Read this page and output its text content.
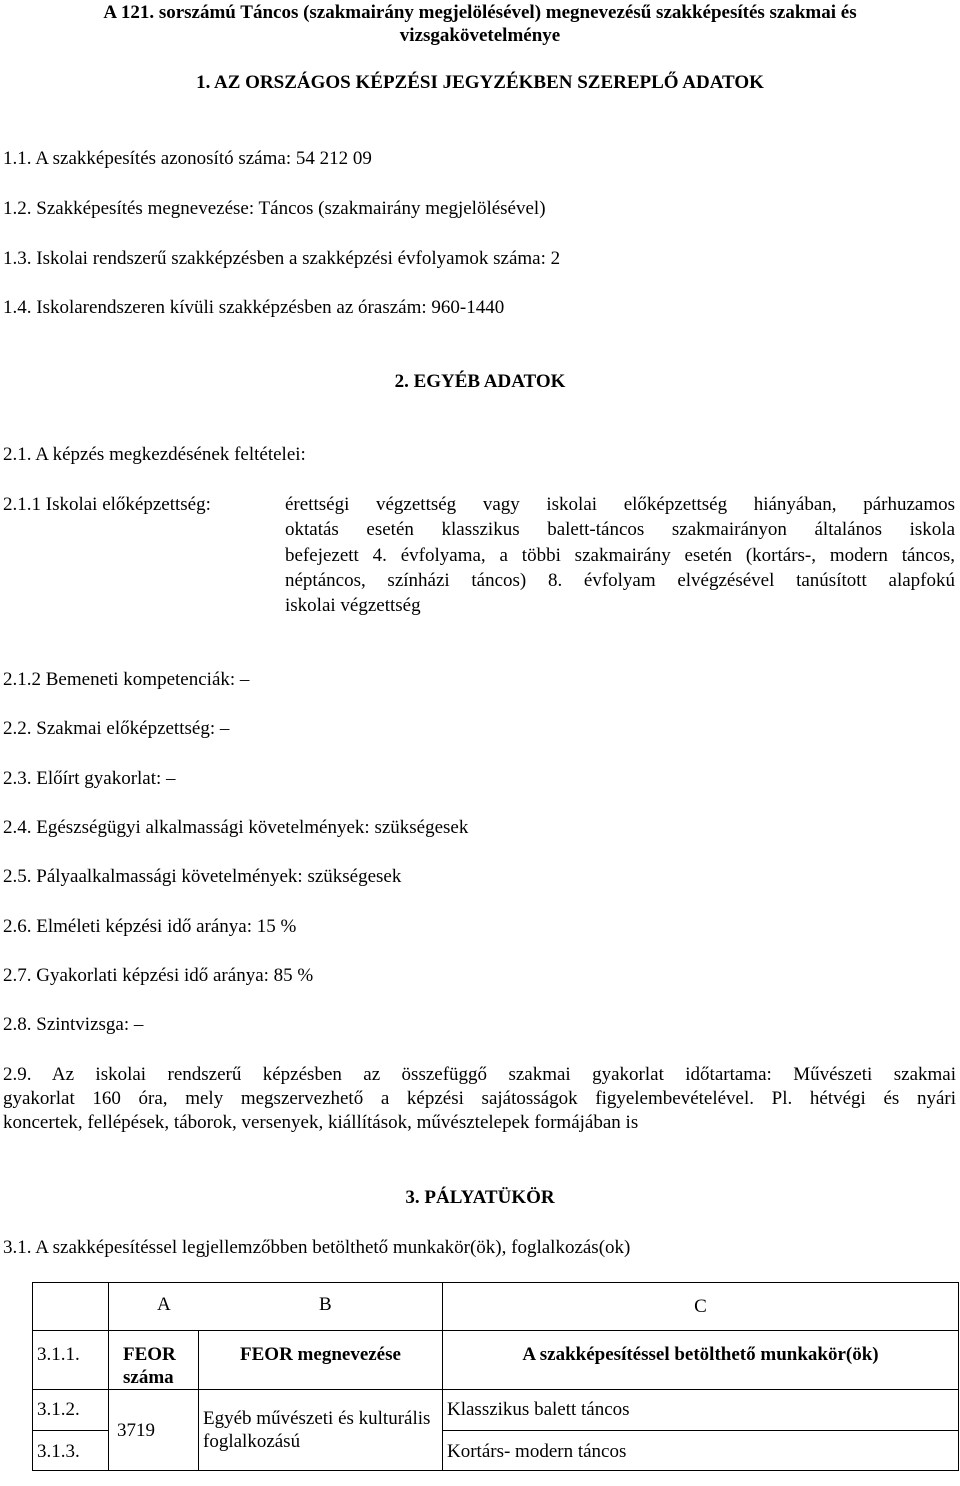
A 121. sorszámú Táncos (szakmairány megjelölésével) megnevezésű szakképesítés szakmai és
vizsgakövetelménye
1. AZ ORSZÁGOS KÉPZÉSI JEGYZÉKBEN SZEREPLŐ ADATOK
1.1. A szakképesítés azonosító száma: 54 212 09
1.2. Szakképesítés megnevezése: Táncos (szakmairány megjelölésével)
1.3. Iskolai rendszerű szakképzésben a szakképzési évfolyamok száma: 2
1.4. Iskolarendszeren kívüli szakképzésben az óraszám: 960-1440
2. EGYÉB ADATOK
2.1. A képzés megkezdésének feltételei:
2.1.1 Iskolai előképzettség:	érettségi végzettség vagy iskolai előképzettség hiányában, párhuzamos
oktatás esetén klasszikus balett-táncos szakmairányon általános iskola
befejezett 4. évfolyama, a többi szakmairány esetén (kortárs-, modern táncos,
néptáncos, színházi táncos) 8. évfolyam elvégzésével tanúsított alapfokú
iskolai végzettség
2.1.2 Bemeneti kompetenciák: –
2.2. Szakmai előképzettség: –
2.3. Előírt gyakorlat: –
2.4. Egészségügyi alkalmassági követelmények: szükségesek
2.5. Pályaalkalmassági követelmények: szükségesek
2.6. Elméleti képzési idő aránya: 15 %
2.7. Gyakorlati képzési idő aránya: 85 %
2.8. Szintvizsga: –
2.9. Az iskolai rendszerű képzésben az összefüggő szakmai gyakorlat időtartama: Művészeti szakmai
gyakorlat 160 óra, mely megszervezhető a képzési sajátosságok figyelembevételével. Pl. hétvégi és nyári
koncertek, fellépések, táborok, versenyek, kiállítások, művésztelepek formájában is
3. PÁLYATÜKÖR
3.1. A szakképesítéssel legjellemzőbben betölthető munkakör(ök), foglalkozás(ok)

	A B		C
3.1.1.	FEOR száma	FEOR megnevezése	A szakképesítéssel betölthető munkakör(ök)
3.1.2.	3719	Egyéb művészeti és kulturális foglalkozású	Klasszikus balett táncos
3.1.3.			Kortárs- modern táncos
